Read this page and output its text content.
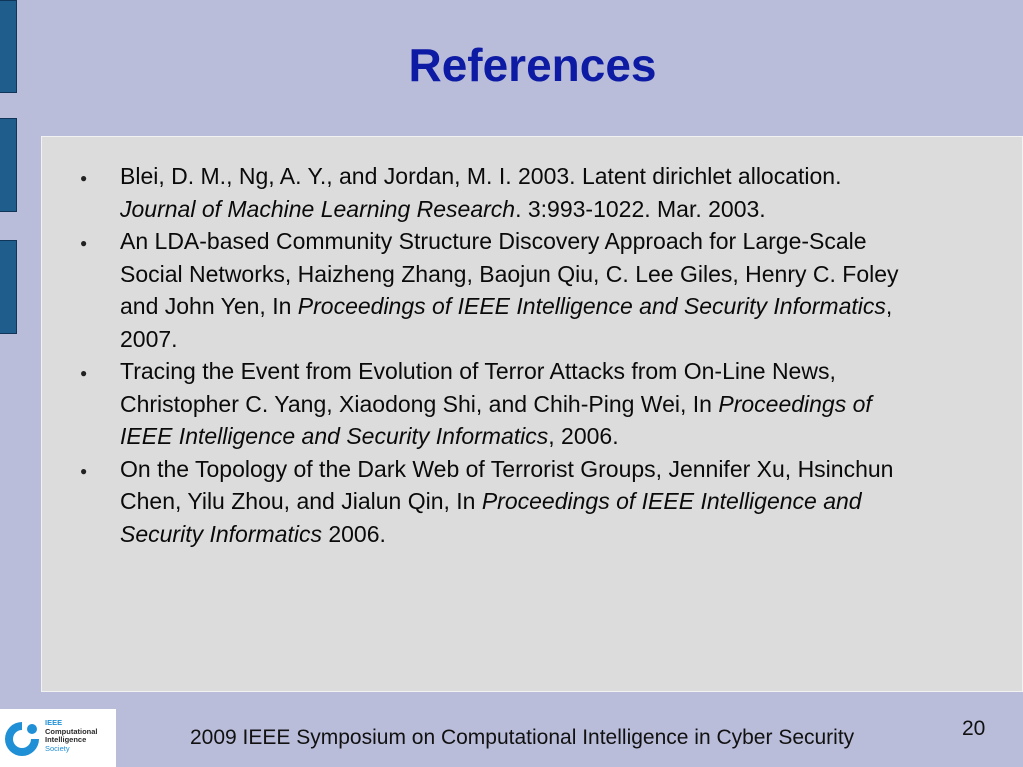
References
● Blei, D. M., Ng, A. Y., and Jordan, M. I. 2003. Latent dirichlet allocation. Journal of Machine Learning Research. 3:993-1022. Mar. 2003.
● An LDA-based Community Structure Discovery Approach for Large-Scale Social Networks, Haizheng Zhang, Baojun Qiu, C. Lee Giles, Henry C. Foley and John Yen, In Proceedings of IEEE Intelligence and Security Informatics, 2007.
● Tracing the Event from Evolution of Terror Attacks from On-Line News, Christopher C. Yang, Xiaodong Shi, and Chih-Ping Wei, In Proceedings of IEEE Intelligence and Security Informatics, 2006.
● On the Topology of the Dark Web of Terrorist Groups, Jennifer Xu, Hsinchun Chen, Yilu Zhou, and Jialun Qin, In Proceedings of IEEE Intelligence and Security Informatics 2006.
IEEE
Computational
Intelligence
Society	2009 IEEE Symposium on Computational Intelligence in Cyber Security	20
